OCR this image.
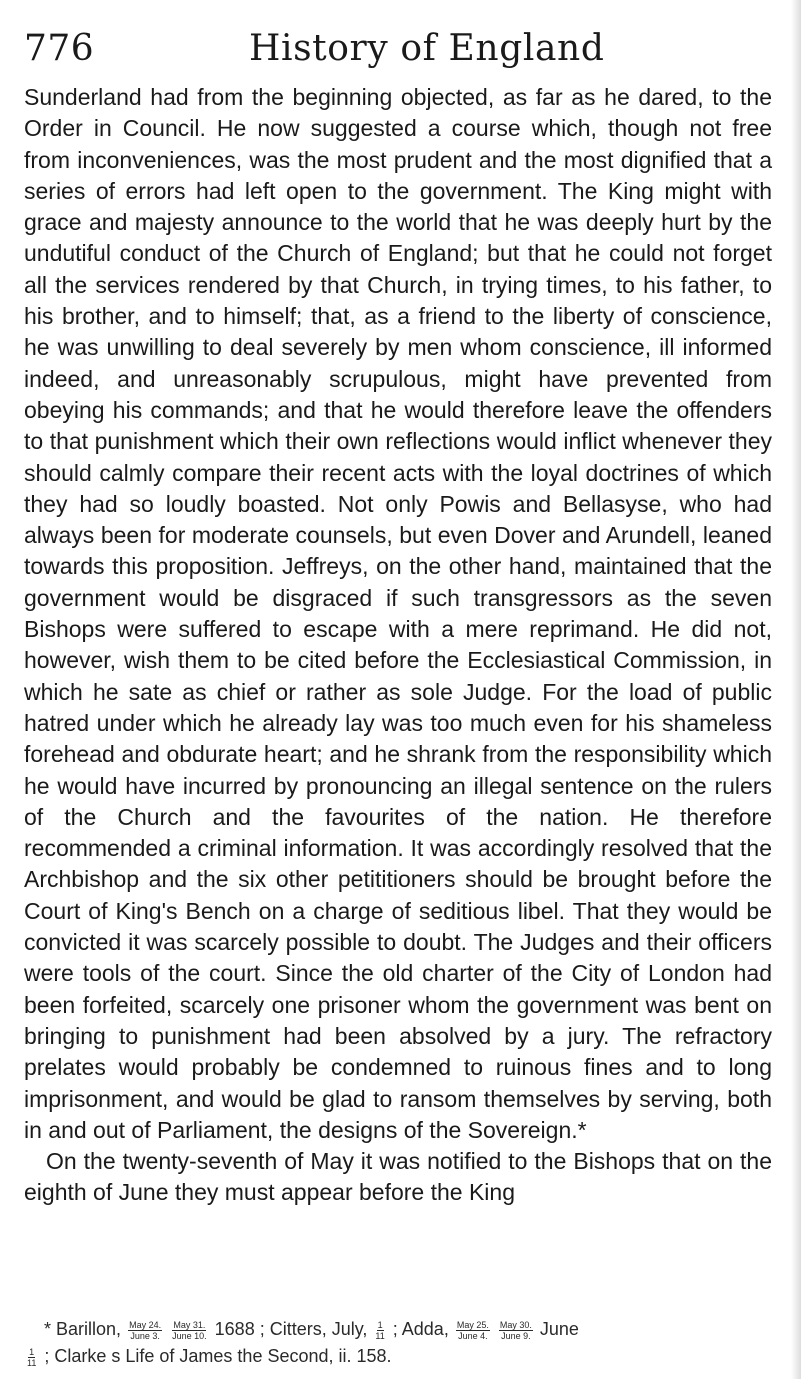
776	History of England

Sunderland had from the beginning objected, as far as he dared, to the Order in Council. He now suggested a course which, though not free from inconveniences, was the most prudent and the most dignified that a series of errors had left open to the government. The King might with grace and majesty announce to the world that he was deeply hurt by the undutiful conduct of the Church of England; but that he could not forget all the services rendered by that Church, in trying times, to his father, to his brother, and to himself; that, as a friend to the liberty of conscience, he was unwilling to deal severely by men whom conscience, ill informed indeed, and unreasonably scrupulous, might have prevented from obeying his commands; and that he would therefore leave the offenders to that punishment which their own reflections would inflict whenever they should calmly compare their recent acts with the loyal doctrines of which they had so loudly boasted. Not only Powis and Bellasyse, who had always been for moderate counsels, but even Dover and Arundell, leaned towards this proposition. Jeffreys, on the other hand, maintained that the government would be disgraced if such transgressors as the seven Bishops were suffered to escape with a mere reprimand. He did not, however, wish them to be cited before the Ecclesiastical Commission, in which he sate as chief or rather as sole Judge. For the load of public hatred under which he already lay was too much even for his shameless forehead and obdurate heart; and he shrank from the responsibility which he would have incurred by pronouncing an illegal sentence on the rulers of the Church and the favourites of the nation. He therefore recommended a criminal information. It was accordingly resolved that the Archbishop and the six other petititioners should be brought before the Court of King's Bench on a charge of seditious libel. That they would be convicted it was scarcely possible to doubt. The Judges and their officers were tools of the court. Since the old charter of the City of London had been forfeited, scarcely one prisoner whom the government was bent on bringing to punishment had been absolved by a jury. The refractory prelates would probably be condemned to ruinous fines and to long imprisonment, and would be glad to ransom themselves by serving, both in and out of Parliament, the designs of the Sovereign.*

On the twenty-seventh of May it was notified to the Bishops that on the eighth of June they must appear before the King

* Barillon, $\frac{\text{May 24.}}{\text{June 3.}}$
$\frac{\text{May 31.}}{\text{June 10.}} 1688$ ; Citters, July, $\frac{1}{11}$ ; Adda, $\frac{\text{May 25.}}{\text{June 4.}}$
$\frac{\text{May 30.}}{\text{June 9.}}$ June
$\frac{1}{11}$ ; Clarke s Life of James the Second, ii. 158.
